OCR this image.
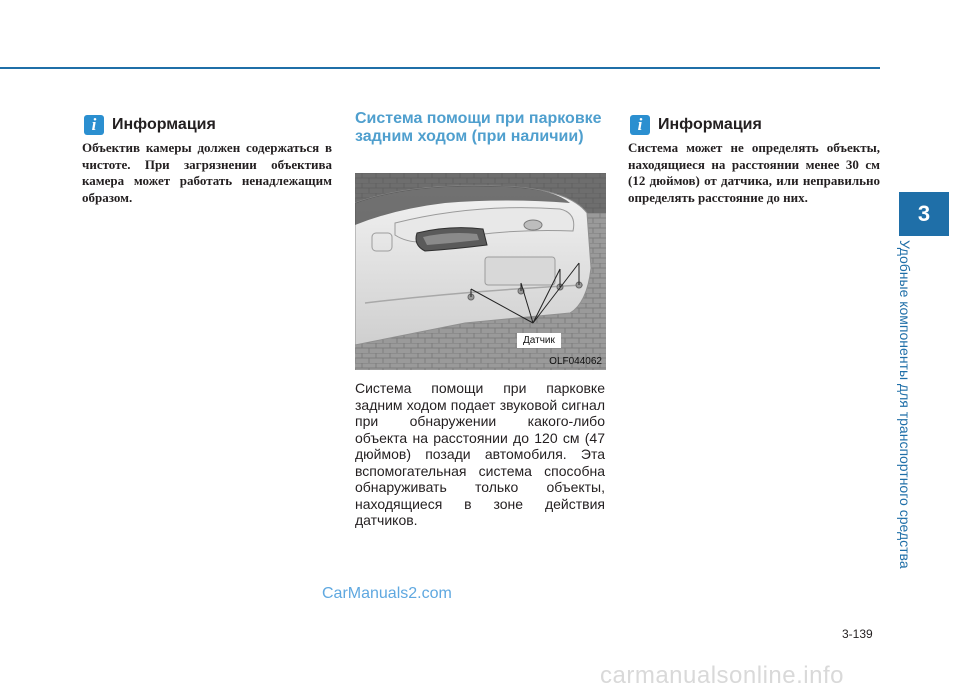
i Информация

Объектив камеры должен содержаться в чистоте. При загрязнении объектива камера может работать ненадлежащим образом.

Система помощи при парковке задним ходом (при наличии)
Датчик
OLF044062

Система помощи при парковке задним ходом подает звуковой сигнал при обнаружении какого-либо объекта на расстоянии до 120 см (47 дюймов) позади автомобиля. Эта вспомогательная система способна обнаруживать только объекты, находящиеся в зоне действия датчиков.

i Информация

Система может не определять объекты, находящиеся на расстоянии менее 30 см (12 дюймов) от датчика, или неправильно определять расстояние до них.

3
Удобные компоненты для транспортного средства
CarManuals2.com
3-139
carmanualsonline.info
